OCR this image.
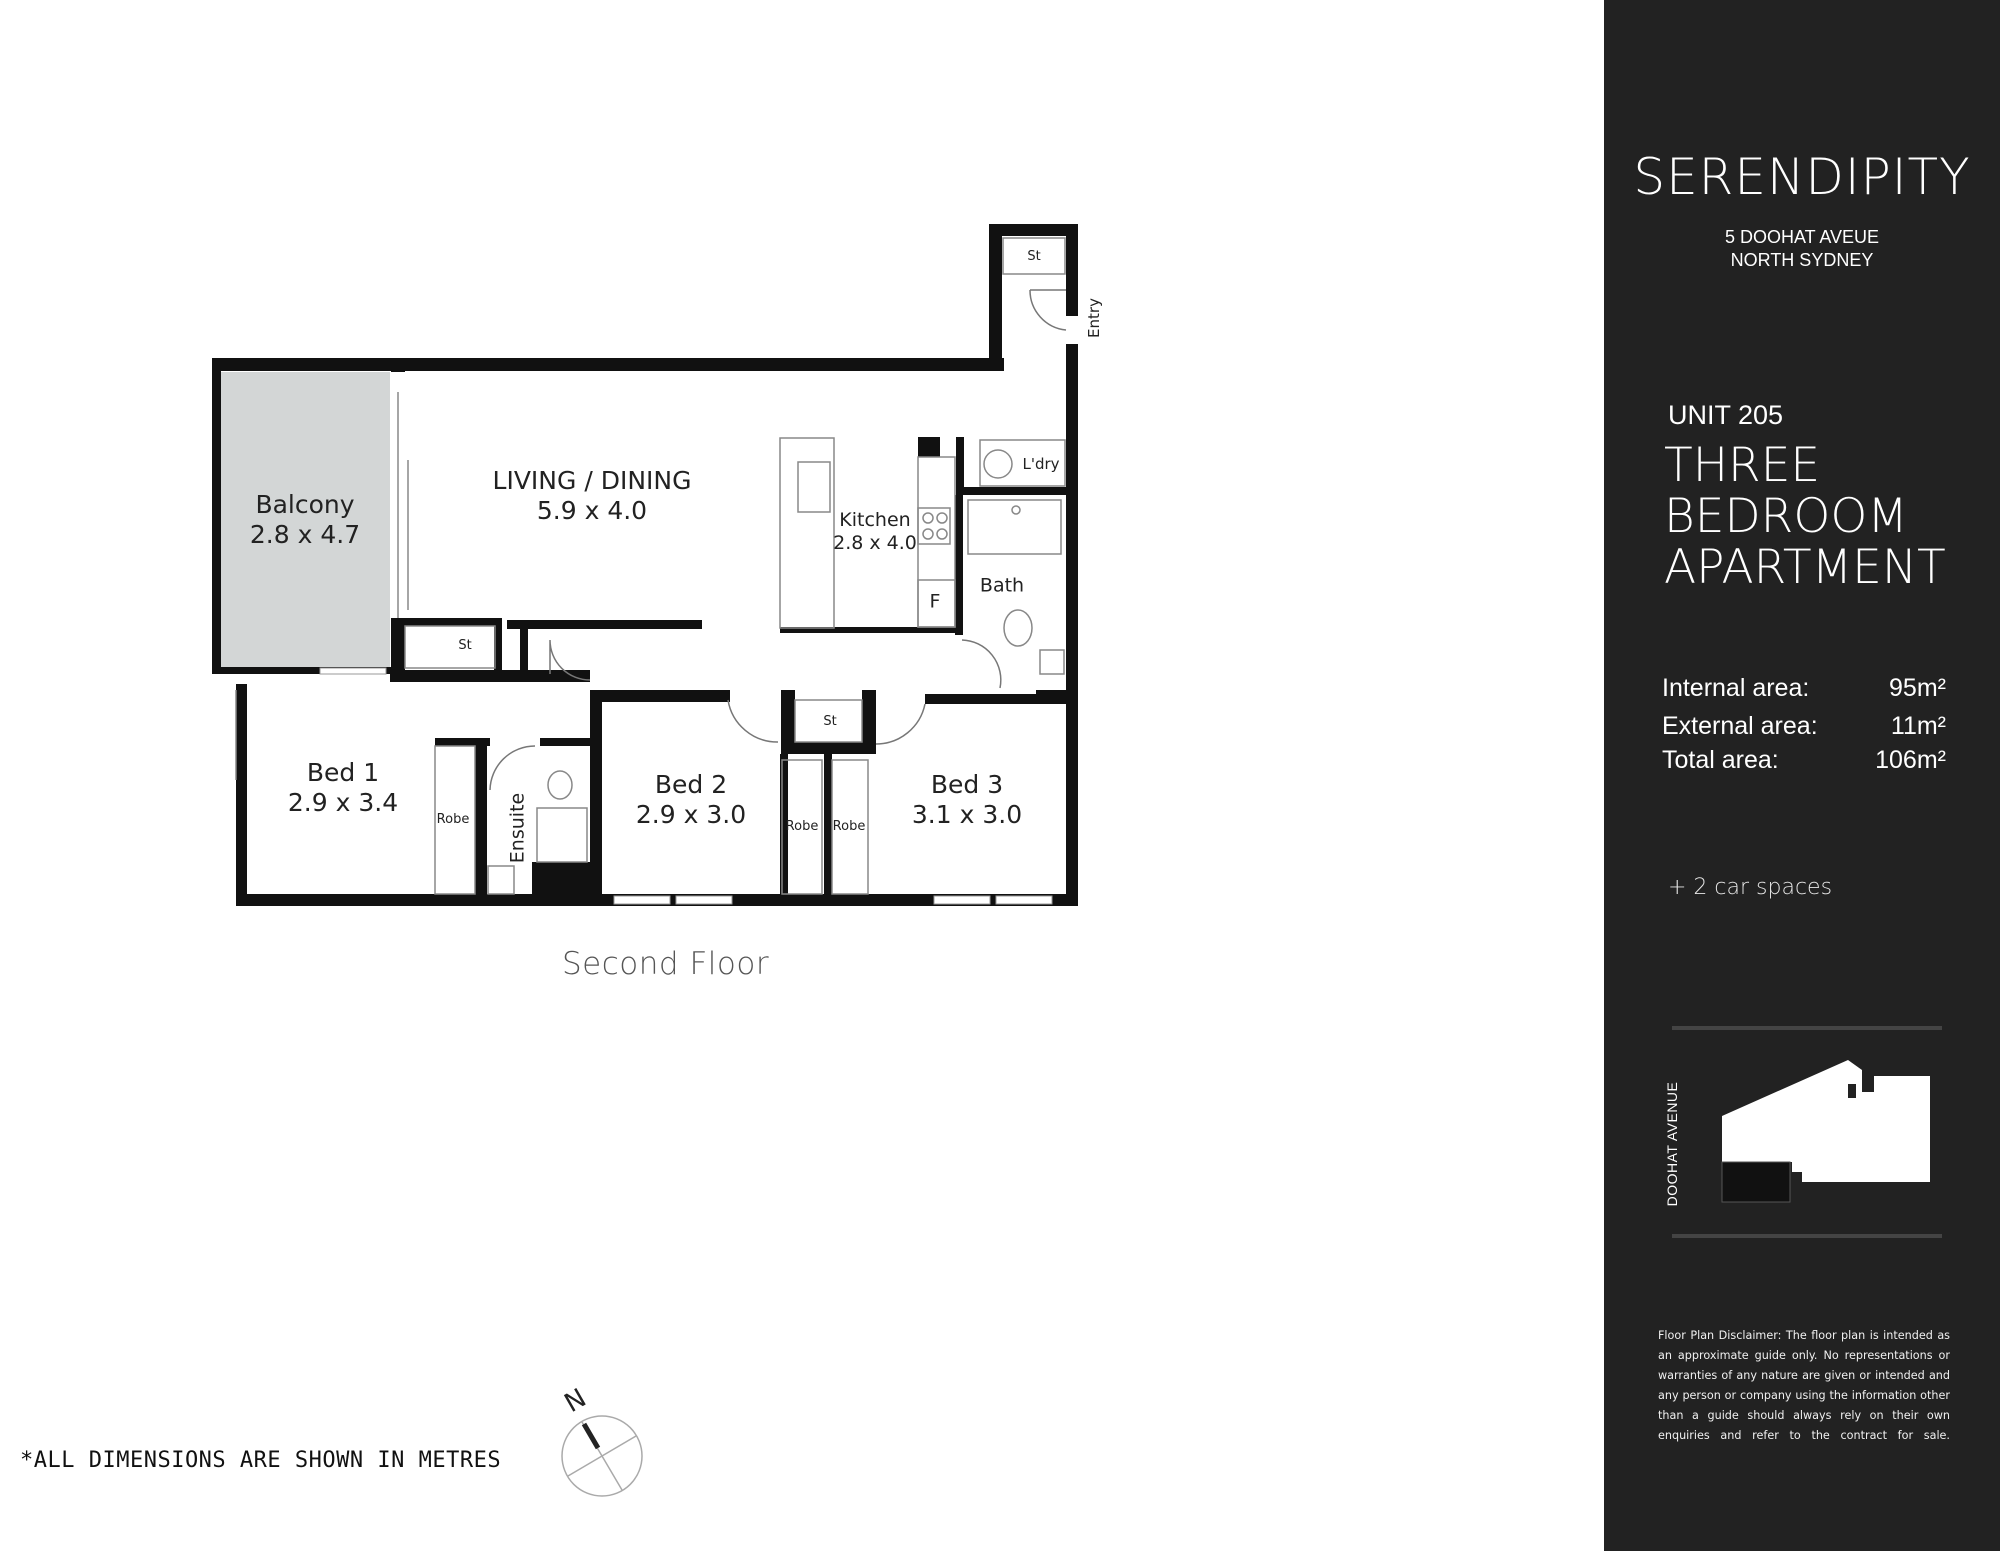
Balcony
2.8 x 4.7
LIVING / DINING
5.9 x 4.0	Kitchen
2.8 x 4.0
Bath
L'dry
Bed 1
2.9 x 3.4
Bed 2
2.9 x 3.0
Bed 3
3.1 x 3.0
Ensuite
Entry
St
St
St
Robe	Robe Robe
F
Second Floor
*ALL DIMENSIONS ARE SHOWN IN METRES
N
SERENDIPITY
5 DOOHAT AVEUE
NORTH SYDNEY
UNIT 205
THREE
BEDROOM
APARTMENT
Internal area:	95m²
External area:	11m²
Total area:	106m²
+ 2 car spaces
DOOHAT AVENUE
Floor Plan Disclaimer: The floor plan is intended as an approximate guide only. No representations or warranties of any nature are given or intended and any person or company using the information other than a guide should always rely on their own enquiries and refer to the contract for sale.
